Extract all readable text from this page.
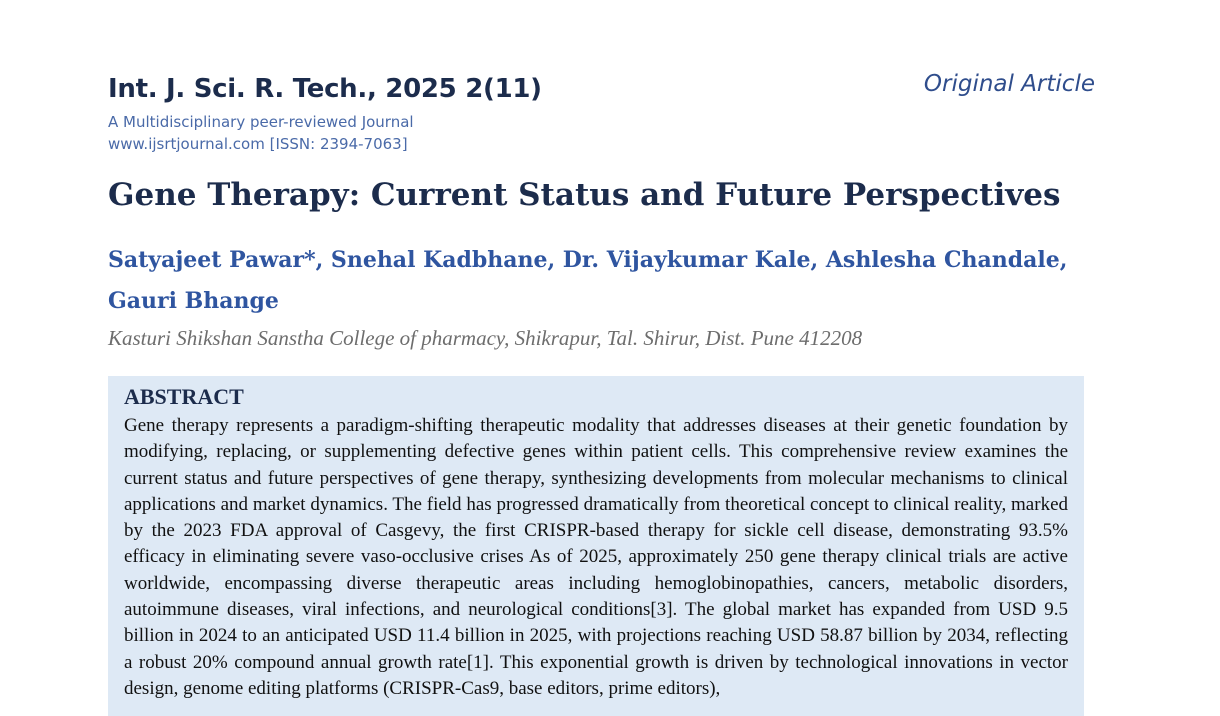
Int. J. Sci. R. Tech., 2025 2(11)	Original Article
A Multidisciplinary peer-reviewed Journal
www.ijsrtjournal.com [ISSN: 2394-7063]
Gene Therapy: Current Status and Future Perspectives
Satyajeet Pawar*, Snehal Kadbhane, Dr. Vijaykumar Kale, Ashlesha Chandale, Gauri Bhange
Kasturi Shikshan Sanstha College of pharmacy, Shikrapur, Tal. Shirur, Dist. Pune 412208
ABSTRACT

Gene therapy represents a paradigm-shifting therapeutic modality that addresses diseases at their genetic foundation by modifying, replacing, or supplementing defective genes within patient cells. This comprehensive review examines the current status and future perspectives of gene therapy, synthesizing developments from molecular mechanisms to clinical applications and market dynamics. The field has progressed dramatically from theoretical concept to clinical reality, marked by the 2023 FDA approval of Casgevy, the first CRISPR-based therapy for sickle cell disease, demonstrating 93.5% efficacy in eliminating severe vaso-occlusive crises As of 2025, approximately 250 gene therapy clinical trials are active worldwide, encompassing diverse therapeutic areas including hemoglobinopathies, cancers, metabolic disorders, autoimmune diseases, viral infections, and neurological conditions[3]. The global market has expanded from USD 9.5 billion in 2024 to an anticipated USD 11.4 billion in 2025, with projections reaching USD 58.87 billion by 2034, reflecting a robust 20% compound annual growth rate[1]. This exponential growth is driven by technological innovations in vector design, genome editing platforms (CRISPR-Cas9, base editors, prime editors),
